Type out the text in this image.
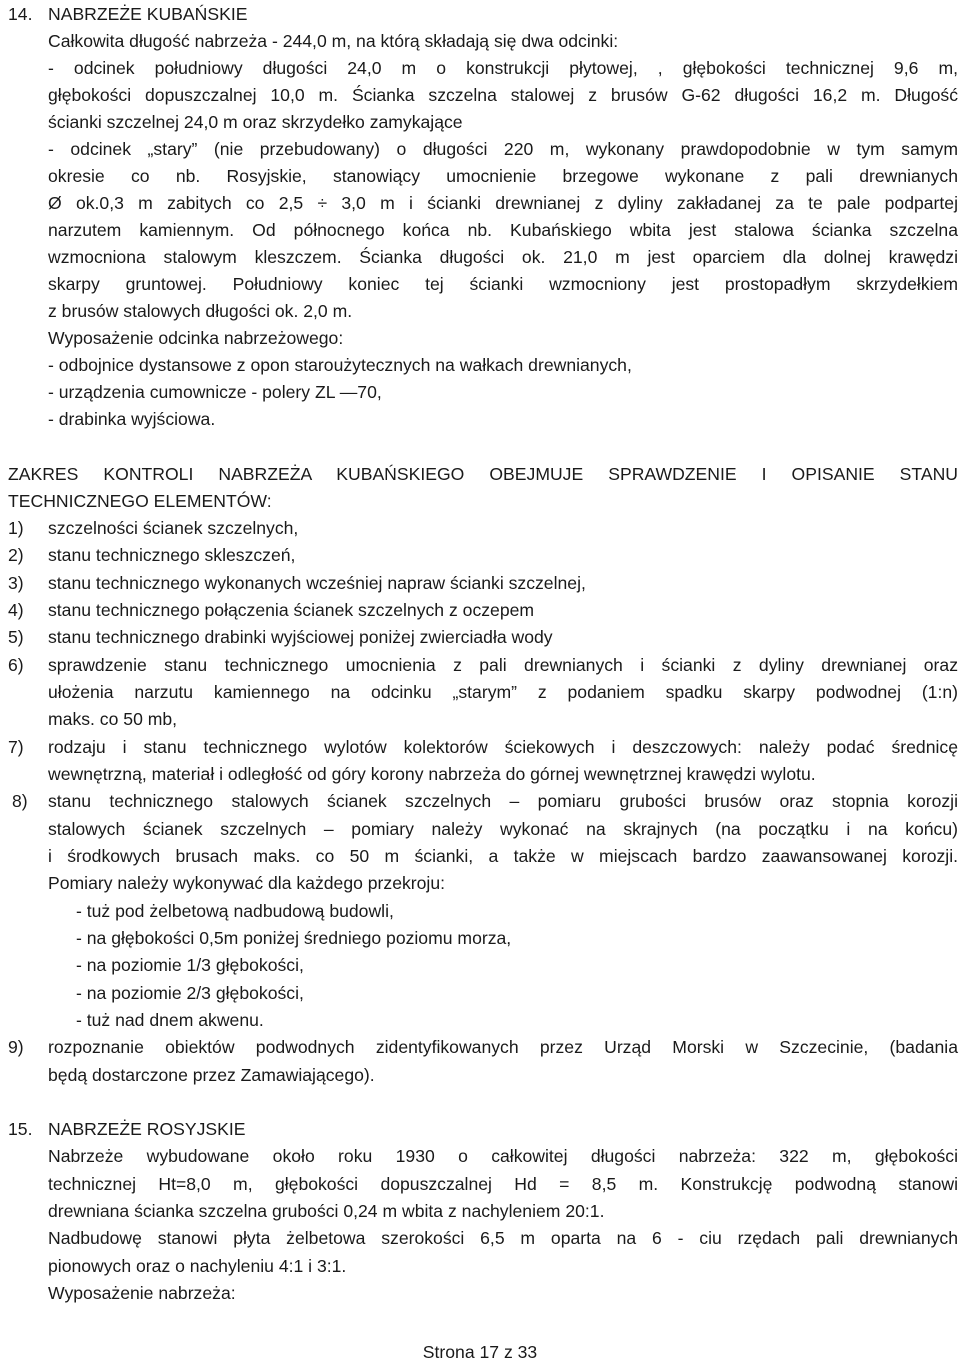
14. NABRZEŻE KUBAŃSKIE

Całkowita długość nabrzeża - 244,0 m, na którą składają się dwa odcinki:

- odcinek południowy długości 24,0 m o konstrukcji płytowej, , głębokości technicznej 9,6 m,

głębokości dopuszczalnej 10,0 m. Ścianka szczelna stalowej z brusów G-62 długości 16,2 m. Długość

ścianki szczelnej 24,0 m oraz skrzydełko zamykające

- odcinek „stary” (nie przebudowany) o długości 220 m, wykonany prawdopodobnie w tym samym

okresie co nb. Rosyjskie, stanowiący umocnienie brzegowe wykonane z pali drewnianych

Ø ok.0,3 m zabitych co 2,5 ÷ 3,0 m i ścianki drewnianej z dyliny zakładanej za te pale podpartej

narzutem kamiennym. Od północnego końca nb. Kubańskiego wbita jest stalowa ścianka szczelna

wzmocniona stalowym kleszczem. Ścianka długości ok. 21,0 m jest oparciem dla dolnej krawędzi

skarpy gruntowej. Południowy koniec tej ścianki wzmocniony jest prostopadłym skrzydełkiem

z brusów stalowych długości ok. 2,0 m.

Wyposażenie odcinka nabrzeżowego:

- odbojnice dystansowe z opon staroużytecznych na wałkach drewnianych,

- urządzenia cumownicze - polery ZL —70,

- drabinka wyjściowa.

ZAKRES KONTROLI NABRZEŻA KUBAŃSKIEGO OBEJMUJE SPRAWDZENIE I OPISANIE STANU

TECHNICZNEGO ELEMENTÓW:

1) szczelności ścianek szczelnych,

2) stanu technicznego skleszczeń,

3) stanu technicznego wykonanych wcześniej napraw ścianki szczelnej,

4) stanu technicznego połączenia ścianek szczelnych z oczepem

5) stanu technicznego drabinki wyjściowej poniżej zwierciadła wody

6) sprawdzenie stanu technicznego umocnienia z pali drewnianych i ścianki z dyliny drewnianej oraz

ułożenia narzutu kamiennego na odcinku „starym” z podaniem spadku skarpy podwodnej (1:n)

maks. co 50 mb,

7) rodzaju i stanu technicznego wylotów kolektorów ściekowych i deszczowych: należy podać średnicę

wewnętrzną, materiał i odległość od góry korony nabrzeża do górnej wewnętrznej krawędzi wylotu.

8) stanu technicznego stalowych ścianek szczelnych – pomiaru grubości brusów oraz stopnia korozji

stalowych ścianek szczelnych – pomiary należy wykonać na skrajnych (na początku i na końcu)

i środkowych brusach maks. co 50 m ścianki, a także w miejscach bardzo zaawansowanej korozji.

Pomiary należy wykonywać dla każdego przekroju:

- tuż pod żelbetową nadbudową budowli,

- na głębokości 0,5m poniżej średniego poziomu morza,

- na poziomie 1/3 głębokości,

- na poziomie 2/3 głębokości,

- tuż nad dnem akwenu.

9) rozpoznanie obiektów podwodnych zidentyfikowanych przez Urząd Morski w Szczecinie, (badania

będą dostarczone przez Zamawiającego).

15. NABRZEŻE ROSYJSKIE

Nabrzeże wybudowane około roku 1930 o całkowitej długości nabrzeża: 322 m, głębokości

technicznej Ht=8,0 m, głębokości dopuszczalnej Hd = 8,5 m. Konstrukcję podwodną stanowi

drewniana ścianka szczelna grubości 0,24 m wbita z nachyleniem 20:1.

Nadbudowę stanowi płyta żelbetowa szerokości 6,5 m oparta na 6 - ciu rzędach pali drewnianych

pionowych oraz o nachyleniu 4:1 i 3:1.

Wyposażenie nabrzeża:

Strona 17 z 33
